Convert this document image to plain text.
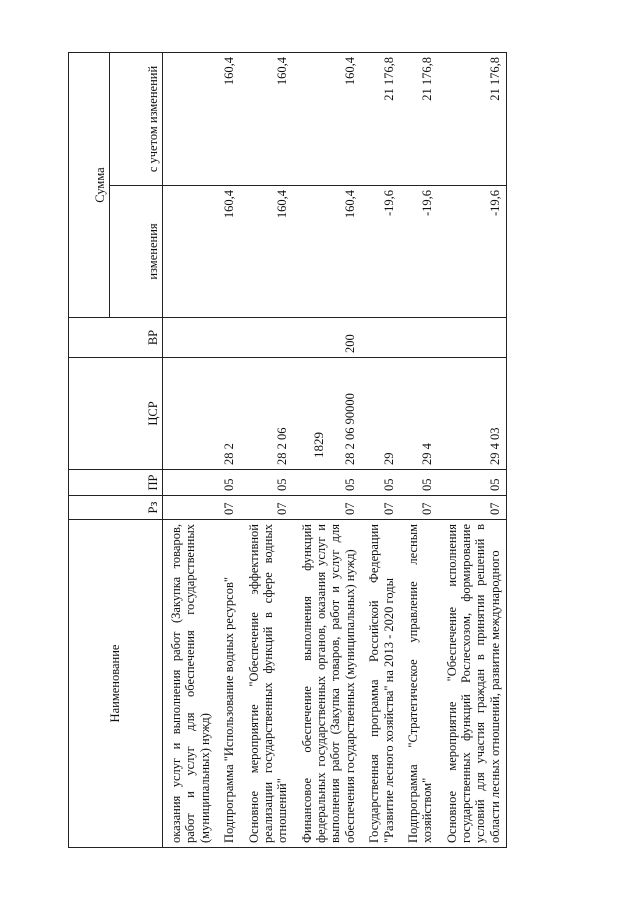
1829
Наименование	Рз	ПР	ЦСР	ВР	Сумма	
					изменения	с учетом изменений
оказания услуг и выполнения работ (Закупка товаров, работ и услуг для обеспечения государственных (муниципальных) нужд)						
Подпрограмма "Использование водных ресурсов"	07	05	28 2		160,4	160,4
Основное мероприятие "Обеспечение эффективной реализации государственных функций в сфере водных отношений"	07	05	28 2 06		160,4	160,4
Финансовое обеспечение выполнения функций федеральных государственных органов, оказания услуг и выполнения работ (Закупка товаров, работ и услуг для обеспечения государственных (муниципальных) нужд)	07	05	28 2 06 90000	200	160,4	160,4
Государственная программа Российской Федерации "Развитие лесного хозяйства" на 2013 - 2020 годы	07	05	29		-19,6	21 176,8
Подпрограмма "Стратегическое управление лесным хозяйством"	07	05	29 4		-19,6	21 176,8
Основное мероприятие "Обеспечение исполнения государственных функций Рослесхозом, формирование условий для участия граждан в принятии решений в области лесных отношений, развитие международного	07	05	29 4 03		-19,6	21 176,8
